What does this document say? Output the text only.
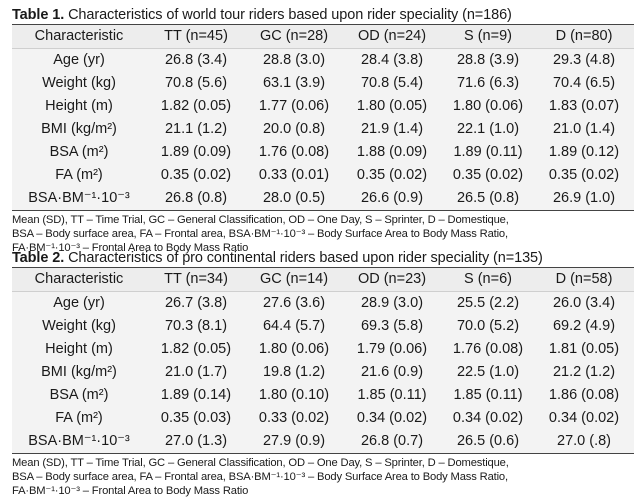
Table 1. Characteristics of world tour riders based upon rider speciality (n=186)
Characteristic	TT (n=45)	GC (n=28)	OD (n=24)	S (n=9)	D (n=80)
Age (yr)	26.8 (3.4)	28.8 (3.0)	28.4 (3.8)	28.8 (3.9)	29.3 (4.8)
Weight (kg)	70.8 (5.6)	63.1 (3.9)	70.8 (5.4)	71.6 (6.3)	70.4 (6.5)
Height (m)	1.82 (0.05)	1.77 (0.06)	1.80 (0.05)	1.80 (0.06)	1.83 (0.07)
BMI (kg/m²)	21.1 (1.2)	20.0 (0.8)	21.9 (1.4)	22.1 (1.0)	21.0 (1.4)
BSA (m²)	1.89 (0.09)	1.76 (0.08)	1.88 (0.09)	1.89 (0.11)	1.89 (0.12)
FA (m²)	0.35 (0.02)	0.33 (0.01)	0.35 (0.02)	0.35 (0.02)	0.35 (0.02)
BSA·BM⁻¹·10⁻³	26.8 (0.8)	28.0 (0.5)	26.6 (0.9)	26.5 (0.8)	26.9 (1.0)
Mean (SD), TT – Time Trial, GC – General Classification, OD – One Day, S – Sprinter, D – Domestique,
BSA – Body surface area, FA – Frontal area, BSA·BM⁻¹·10⁻³ – Body Surface Area to Body Mass Ratio,
FA·BM⁻¹·10⁻³ – Frontal Area to Body Mass Ratio
Table 2. Characteristics of pro continental riders based upon rider speciality (n=135)
Characteristic	TT (n=34)	GC (n=14)	OD (n=23)	S (n=6)	D (n=58)
Age (yr)	26.7 (3.8)	27.6 (3.6)	28.9 (3.0)	25.5 (2.2)	26.0 (3.4)
Weight (kg)	70.3 (8.1)	64.4 (5.7)	69.3 (5.8)	70.0 (5.2)	69.2 (4.9)
Height (m)	1.82 (0.05)	1.80 (0.06)	1.79 (0.06)	1.76 (0.08)	1.81 (0.05)
BMI (kg/m²)	21.0 (1.7)	19.8 (1.2)	21.6 (0.9)	22.5 (1.0)	21.2 (1.2)
BSA (m²)	1.89 (0.14)	1.80 (0.10)	1.85 (0.11)	1.85 (0.11)	1.86 (0.08)
FA (m²)	0.35 (0.03)	0.33 (0.02)	0.34 (0.02)	0.34 (0.02)	0.34 (0.02)
BSA·BM⁻¹·10⁻³	27.0 (1.3)	27.9 (0.9)	26.8 (0.7)	26.5 (0.6)	27.0 (.8)
Mean (SD), TT – Time Trial, GC – General Classification, OD – One Day, S – Sprinter, D – Domestique,
BSA – Body surface area, FA – Frontal area, BSA·BM⁻¹·10⁻³ – Body Surface Area to Body Mass Ratio,
FA·BM⁻¹·10⁻³ – Frontal Area to Body Mass Ratio
